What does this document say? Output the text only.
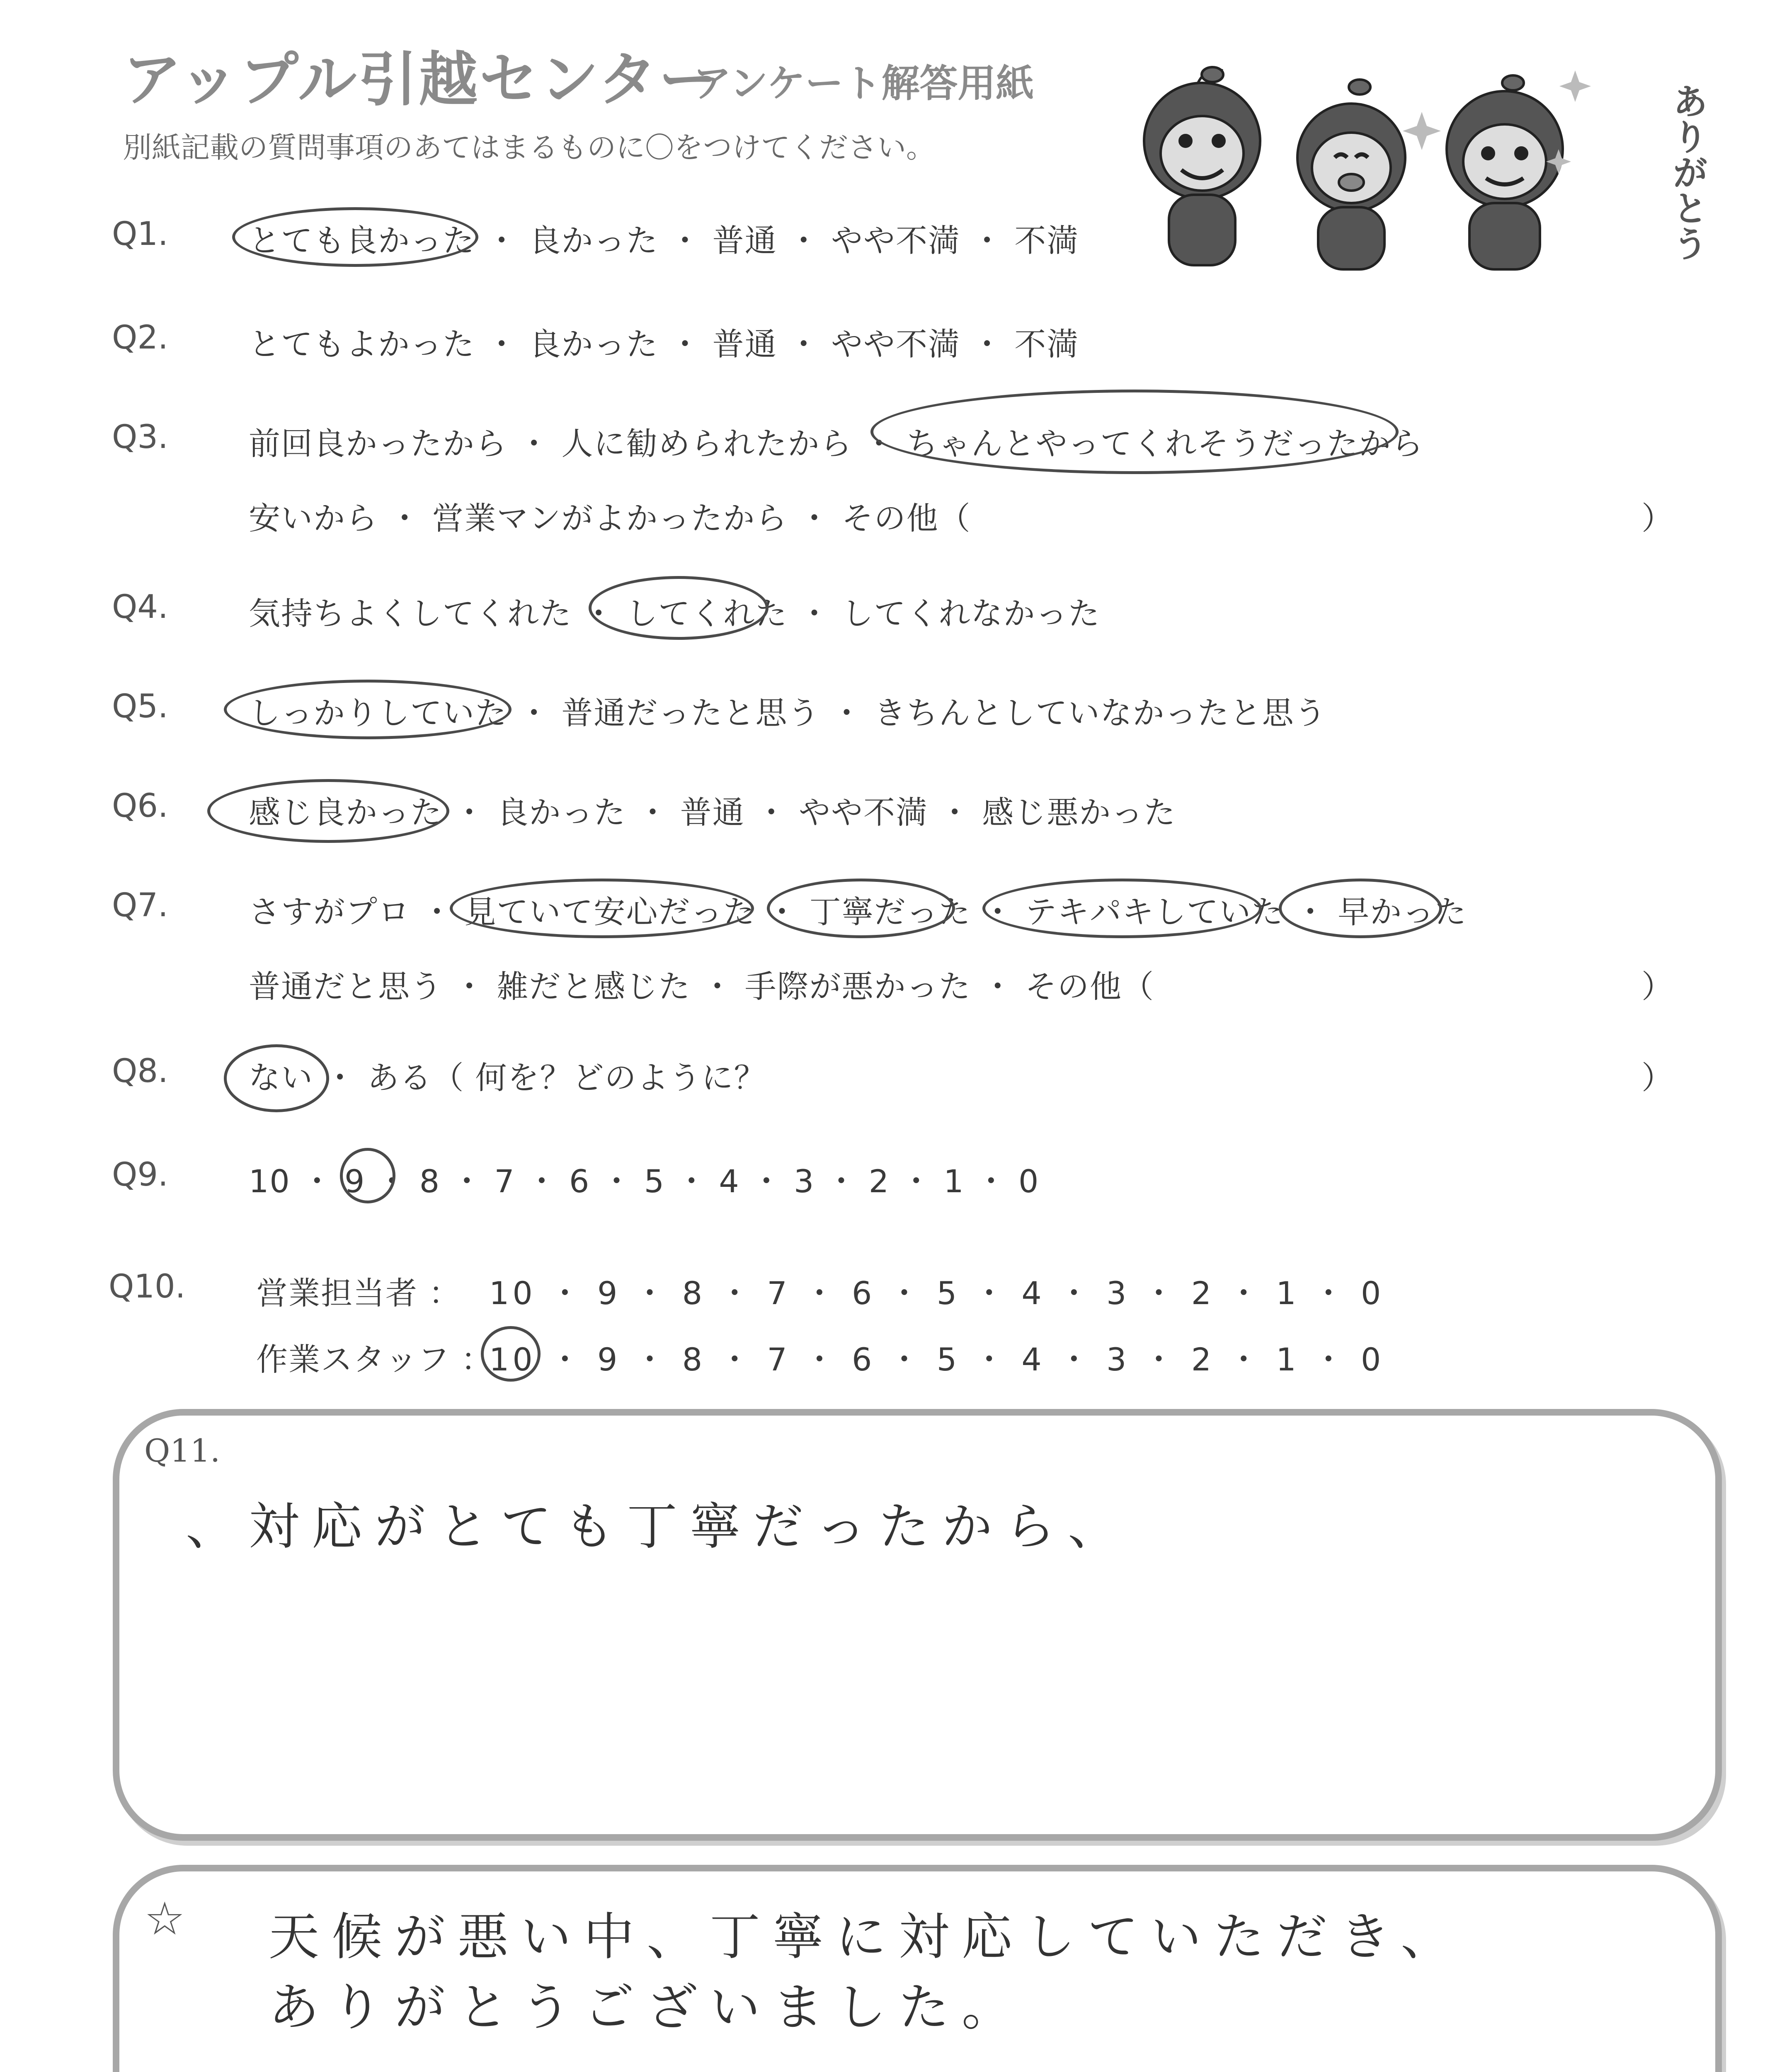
アップル引越センター
アンケート解答用紙
別紙記載の質問事項のあてはまるものに〇をつけてください。	ありがとう
Q1.	とても良かった ・ 良かった ・ 普通 ・ やや不満 ・ 不満
Q2.	とてもよかった ・ 良かった ・ 普通 ・ やや不満 ・ 不満
Q3.	前回良かったから ・ 人に勧められたから ・ ちゃんとやってくれそうだったから
安いから ・ 営業マンがよかったから ・ その他（	）
Q4.	気持ちよくしてくれた ・ してくれた ・ してくれなかった
Q5.	しっかりしていた ・ 普通だったと思う ・ きちんとしていなかったと思う
Q6.	感じ良かった ・ 良かった ・ 普通 ・ やや不満 ・ 感じ悪かった
Q7.	さすがプロ ・ 見ていて安心だった ・ 丁寧だった ・ テキパキしていた ・ 早かった
普通だと思う ・ 雑だと感じた ・ 手際が悪かった ・ その他（	）
Q8.	ない ・ ある（ 何を？どのように？	）
Q9.	10 ・ 9 ・ 8 ・ 7 ・ 6 ・ 5 ・ 4 ・ 3 ・ 2 ・ 1 ・ 0
Q10. 営業担当者 ： 10 ・ 9 ・ 8 ・ 7 ・ 6 ・ 5 ・ 4 ・ 3 ・ 2 ・ 1 ・ 0
作業スタッフ ：
10 ・ 9 ・ 8 ・ 7 ・ 6 ・ 5 ・ 4 ・ 3 ・ 2 ・ 1 ・ 0
Q11.
、対応がとても丁寧だったから、
☆ 天候が悪い中、丁寧に対応していただき、
ありがとうございました。
